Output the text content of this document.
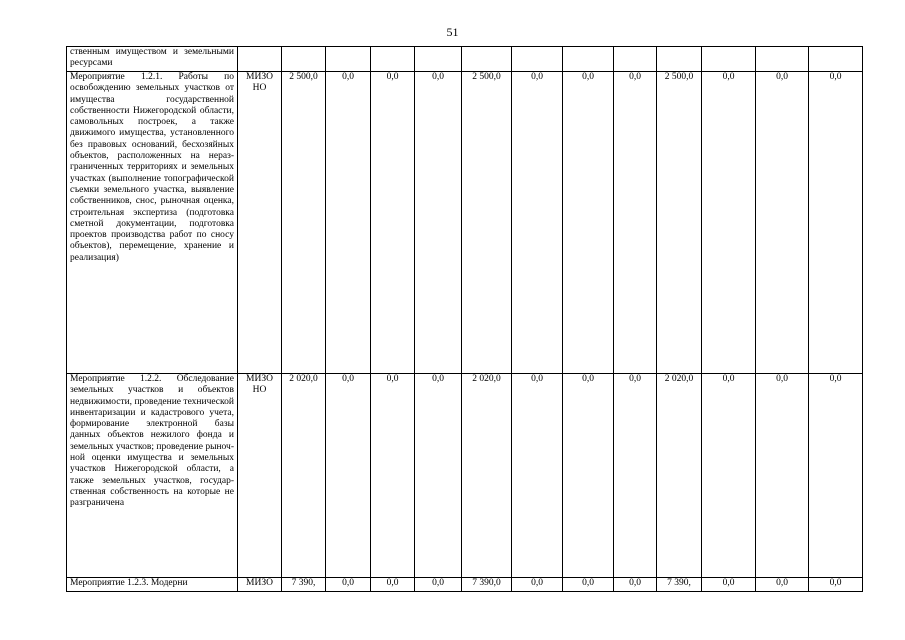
51
ственным имуществом и земельными ресурсами													
Мероприятие 1.2.1. Работы по освобождению земельных участков от имущества государственной собственности Нижегородской области, самовольных построек, а также движимого имущества, установленного без правовых оснований, бесхозяйных объектов, расположенных на неразграниченных территориях и земельных участках (выполнение топографической съемки земельного участка, выявление собственников, снос, рыночная оценка, строительная экспертиза (подготовка сметной документации, подготовка проектов производства работ по сносу объектов), перемещение, хранение и реализация)	МИЗО НО	2 500,0	0,0	0,0	0,0	2 500,0	0,0	0,0	0,0	2 500,0	0,0	0,0	0,0
Мероприятие 1.2.2. Обследование земельных участков и объектов недвижимости, проведение технической инвентаризации и кадастрового учета, формирование электронной базы данных объектов нежилого фонда и земельных участков; проведение рыночной оценки имущества и земельных участков Нижегородской области, а также земельных участков, государственная собственность на которые не разграничена	МИЗО НО	2 020,0	0,0	0,0	0,0	2 020,0	0,0	0,0	0,0	2 020,0	0,0	0,0	0,0
Мероприятие 1.2.3. Модерни	МИЗО	7 390,	0,0	0,0	0,0	7 390,0	0,0	0,0	0,0	7 390,	0,0	0,0	0,0
